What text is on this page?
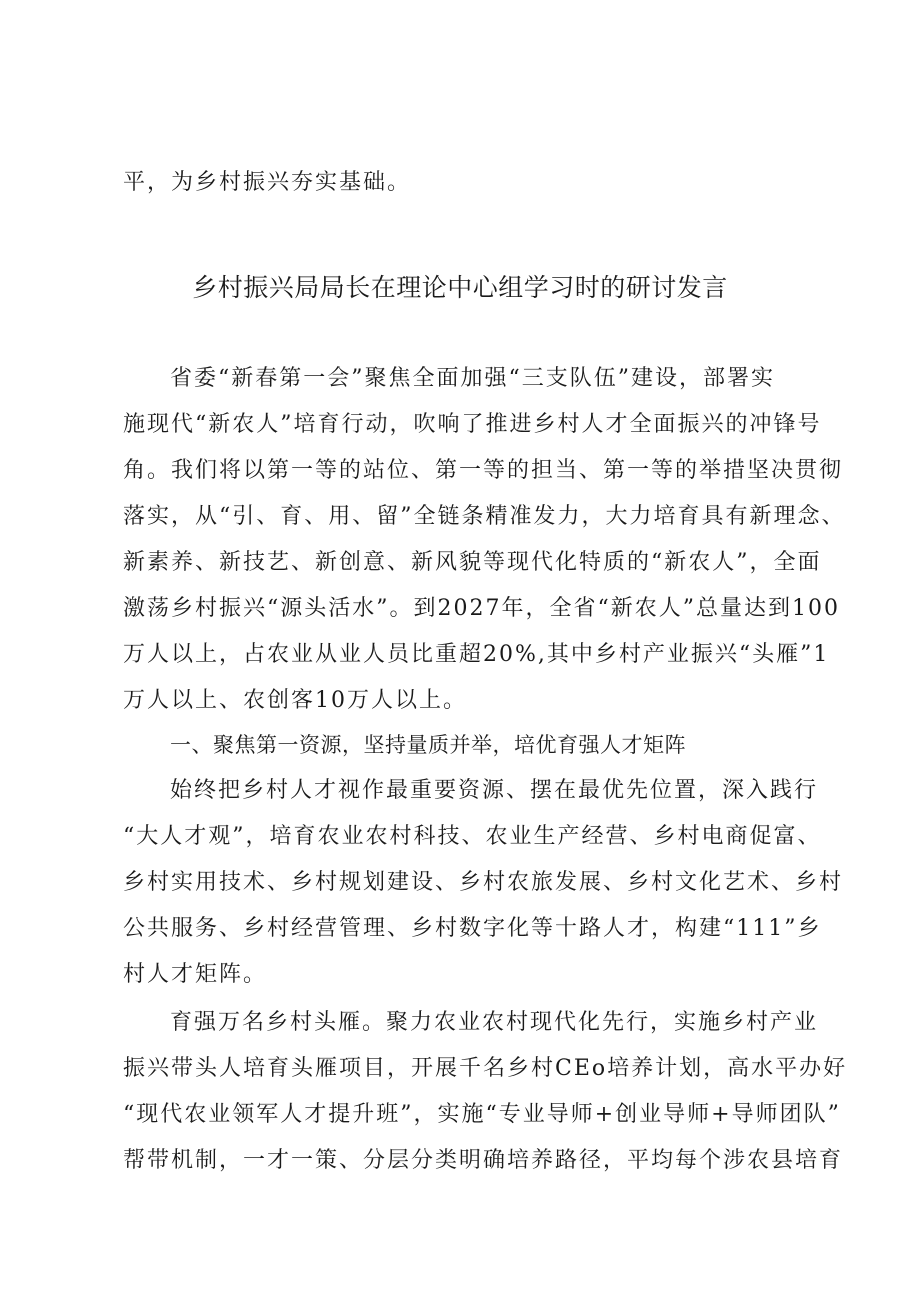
平，为乡村振兴夯实基础。
乡村振兴局局长在理论中心组学习时的研讨发言
省委“新春第一会”聚焦全面加强“三支队伍”建设，部署实
施现代“新农人”培育行动，吹响了推进乡村人才全面振兴的冲锋号
角。我们将以第一等的站位、第一等的担当、第一等的举措坚决贯彻
落实，从“引、育、用、留”全链条精准发力，大力培育具有新理念、
新素养、新技艺、新创意、新风貌等现代化特质的“新农人”，全面
激荡乡村振兴“源头活水”。到2027年，全省“新农人”总量达到100
万人以上，占农业从业人员比重超20%,其中乡村产业振兴“头雁”1
万人以上、农创客10万人以上。
一、聚焦第一资源，坚持量质并举，培优育强人才矩阵
始终把乡村人才视作最重要资源、摆在最优先位置，深入践行
“大人才观”，培育农业农村科技、农业生产经营、乡村电商促富、
乡村实用技术、乡村规划建设、乡村农旅发展、乡村文化艺术、乡村
公共服务、乡村经营管理、乡村数字化等十路人才，构建“111”乡
村人才矩阵。
育强万名乡村头雁。聚力农业农村现代化先行，实施乡村产业
振兴带头人培育头雁项目，开展千名乡村CEo培养计划，高水平办好
“现代农业领军人才提升班”，实施“专业导师+创业导师+导师团队”
帮带机制，一才一策、分层分类明确培养路径，平均每个涉农县培育
